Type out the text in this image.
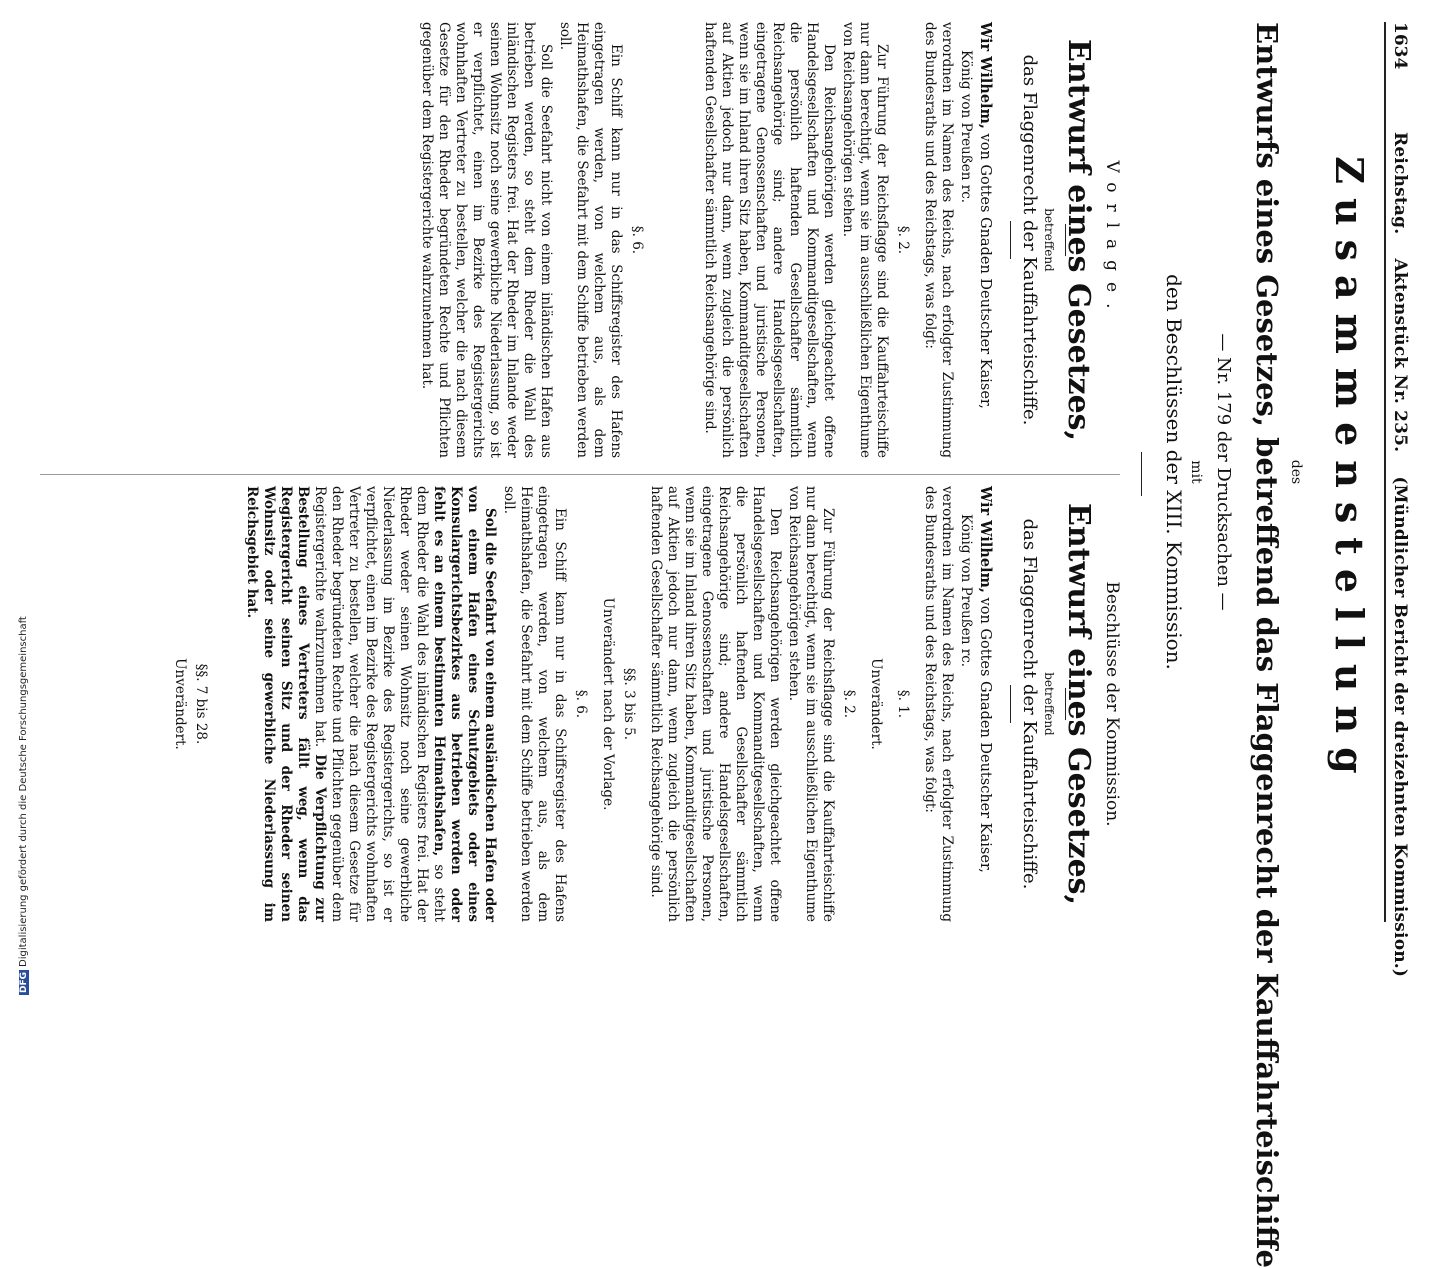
1634
Reichstag. Aktenstück Nr. 235. (Mündlicher Bericht der dreizehnten Kommission.)
Zusammenstellung
des
Entwurfs eines Gesetzes, betreffend das Flaggenrecht der Kauffahrteischiffe
— Nr. 179 der Drucksachen —
mit
den Beschlüssen der XIII. Kommission.
Vorlage.
Entwurf eines Gesetzes,
betreffend
das Flaggenrecht der Kauffahrteischiffe.
Wir Wilhelm, von Gottes Gnaden Deutscher Kaiser,
König von Preußen rc.

verordnen im Namen des Reichs, nach erfolgter Zustimmung des Bundesraths und des Reichstags, was folgt:

§. 2.

Zur Führung der Reichsflagge sind die Kauffahrteischiffe nur dann berechtigt, wenn sie im ausschließlichen Eigenthume von Reichsangehörigen stehen.

Den Reichsangehörigen werden gleichgeachtet offene Handelsgesellschaften und Kommanditgesellschaften, wenn die persönlich haftenden Gesellschafter sämmtlich Reichsangehörige sind; andere Handelsgesellschaften, eingetragene Genossenschaften und juristische Personen, wenn sie im Inland ihren Sitz haben, Kommanditgesellschaften auf Aktien jedoch nur dann, wenn zugleich die persönlich haftenden Gesellschafter sämmtlich Reichsangehörige sind.

§. 6.

Ein Schiff kann nur in das Schiffsregister des Hafens eingetragen werden, von welchem aus, als dem Heimathshafen, die Seefahrt mit dem Schiffe betrieben werden soll.

Soll die Seefahrt nicht von einem inländischen Hafen aus betrieben werden, so steht dem Rheder die Wahl des inländischen Registers frei. Hat der Rheder im Inlande weder seinen Wohnsitz noch seine gewerbliche Niederlassung, so ist er verpflichtet, einen im Bezirke des Registergerichts wohnhaften Vertreter zu bestellen, welcher die nach diesem Gesetze für den Rheder begründeten Rechte und Pflichten gegenüber dem Registergerichte wahrzunehmen hat.

Beschlüsse der Kommission.
Entwurf eines Gesetzes,
betreffend
das Flaggenrecht der Kauffahrteischiffe.
Wir Wilhelm, von Gottes Gnaden Deutscher Kaiser,
König von Preußen rc.

verordnen im Namen des Reichs, nach erfolgter Zustimmung des Bundesraths und des Reichstags, was folgt:

§. 1.
Unverändert.
§. 2.

Zur Führung der Reichsflagge sind die Kauffahrteischiffe nur dann berechtigt, wenn sie im ausschließlichen Eigenthume von Reichsangehörigen stehen.

Den Reichsangehörigen werden gleichgeachtet offene Handelsgesellschaften und Kommanditgesellschaften, wenn die persönlich haftenden Gesellschafter sämmtlich Reichsangehörige sind; andere Handelsgesellschaften, eingetragene Genossenschaften und juristische Personen, wenn sie im Inland ihren Sitz haben, Kommanditgesellschaften auf Aktien jedoch nur dann, wenn zugleich die persönlich haftenden Gesellschafter sämmtlich Reichsangehörige sind.

§§. 3 bis 5.
Unverändert nach der Vorlage.
§. 6.

Ein Schiff kann nur in das Schiffsregister des Hafens eingetragen werden, von welchem aus, als dem Heimathshafen, die Seefahrt mit dem Schiffe betrieben werden soll.

Soll die Seefahrt von einem ausländischen Hafen oder von einem Hafen eines Schutzgebiets oder eines Konsulargerichtsbezirkes aus betrieben werden oder fehlt es an einem bestimmten Heimathshafen, so steht dem Rheder die Wahl des inländischen Registers frei. Hat der Rheder weder seinen Wohnsitz noch seine gewerbliche Niederlassung im Bezirke des Registergerichts, so ist er verpflichtet, einen im Bezirke des Registergerichts wohnhaften Vertreter zu bestellen, welcher die nach diesem Gesetze für den Rheder begründeten Rechte und Pflichten gegenüber dem Registergerichte wahrzunehmen hat. Die Verpflichtung zur Bestellung eines Vertreters fällt weg, wenn das Registergericht seinen Sitz und der Rheder seinen Wohnsitz oder seine gewerbliche Niederlassung im Reichsgebiet hat.

§§. 7 bis 28.
Unverändert.
DFGDigitalisierung gefördert durch die Deutsche Forschungsgemeinschaft
